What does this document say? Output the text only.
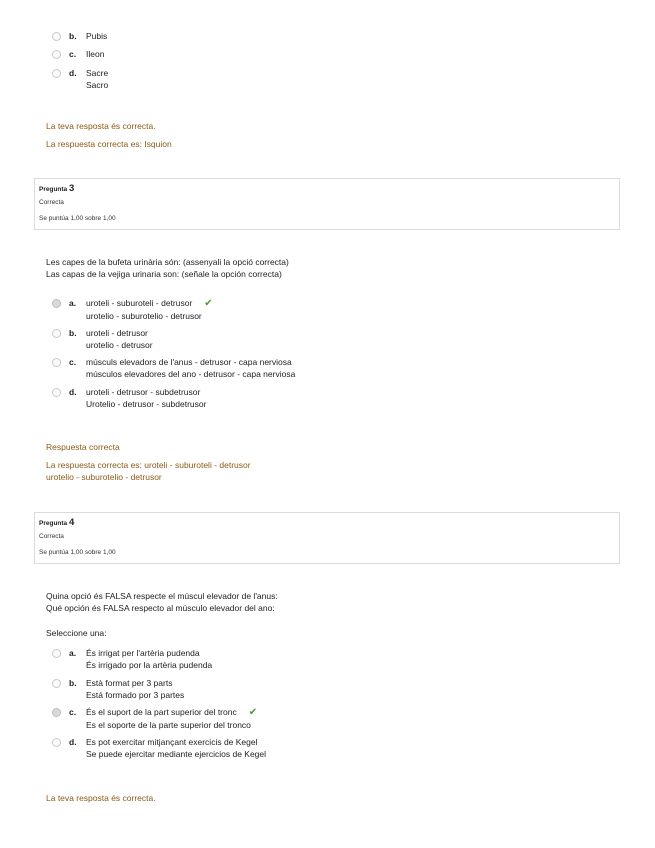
b.	Pubis
c.	Ileon
d.	Sacre
Sacro
La teva resposta és correcta.
La respuesta correcta es: Isquion
Pregunta 3
Correcta
Se puntúa 1,00 sobre 1,00
Les capes de la bufeta urinària són: (assenyali la opció correcta)
Las capas de la vejiga urinaria son: (señale la opción correcta)
a.	uroteli - suburoteli - detrusor ✔
urotelio - suburotelio - detrusor
b.	uroteli - detrusor
urotelio - detrusor
c.	músculs elevadors de l'anus - detrusor - capa nerviosa
músculos elevadores del ano - detrusor - capa nerviosa
d.	uroteli - detrusor - subdetrusor
Urotelio - detrusor - subdetrusor
Respuesta correcta
La respuesta correcta es: uroteli - suburoteli - detrusor
urotelio - suburotelio - detrusor
Pregunta 4
Correcta
Se puntúa 1,00 sobre 1,00
Quina opció és FALSA respecte el múscul elevador de l'anus:
Qué opción és FALSA respecto al músculo elevador del ano:
Seleccione una:
a.	És irrigat per l'artèria pudenda
És irrigado por la artèria pudenda
b.	Està format per 3 parts
Está formado por 3 partes
c.	És el suport de la part superior del tronc ✔
Es el soporte de la parte superior del tronco
d.	Es pot exercitar mitjançant exercicis de Kegel
Se puede ejercitar mediante ejercicios de Kegel
La teva resposta és correcta.
